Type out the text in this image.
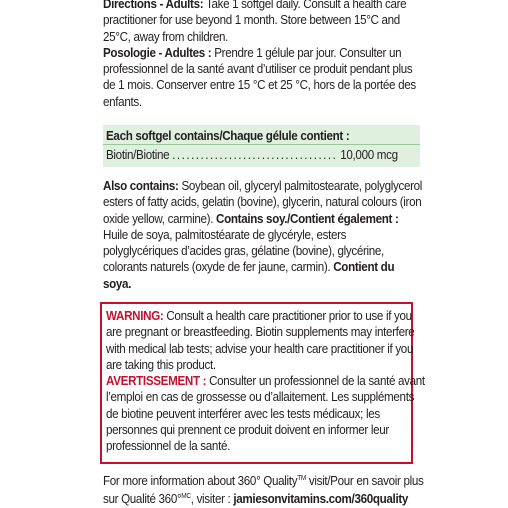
Directions - Adults: Take 1 softgel daily. Consult a health care practitioner for use beyond 1 month. Store between 15°C and 25°C, away from children.
Posologie - Adultes : Prendre 1 gélule par jour. Consulter un professionnel de la santé avant d’utiliser ce produit pendant plus de 1 mois. Conserver entre 15 °C et 25 °C, hors de la portée des enfants.
Each softgel contains/Chaque gélule contient :
Biotin/Biotine ................................... 10,000 mcg
Also contains: Soybean oil, glyceryl palmitostearate, polyglycerol esters of fatty acids, gelatin (bovine), glycerin, natural colours (iron oxide yellow, carmine). Contains soy./Contient également : Huile de soya, palmitostéarate de glycéryle, esters polyglycériques d’acides gras, gélatine (bovine), glycérine, colorants naturels (oxyde de fer jaune, carmin). Contient du soya.
WARNING: Consult a health care practitioner prior to use if you are pregnant or breastfeeding. Biotin supplements may interfere with medical lab tests; advise your health care practitioner if you are taking this product.
AVERTISSEMENT : Consulter un professionnel de la santé avant l’emploi en cas de grossesse ou d’allaitement. Les suppléments de biotine peuvent interférer avec les tests médicaux; les personnes qui prennent ce produit doivent en informer leur professionnel de la santé.
For more information about 360° Quality™ visit/Pour en savoir plus sur Qualité 360°$^{MC}$, visiter : jamiesonvitamins.com/360quality
